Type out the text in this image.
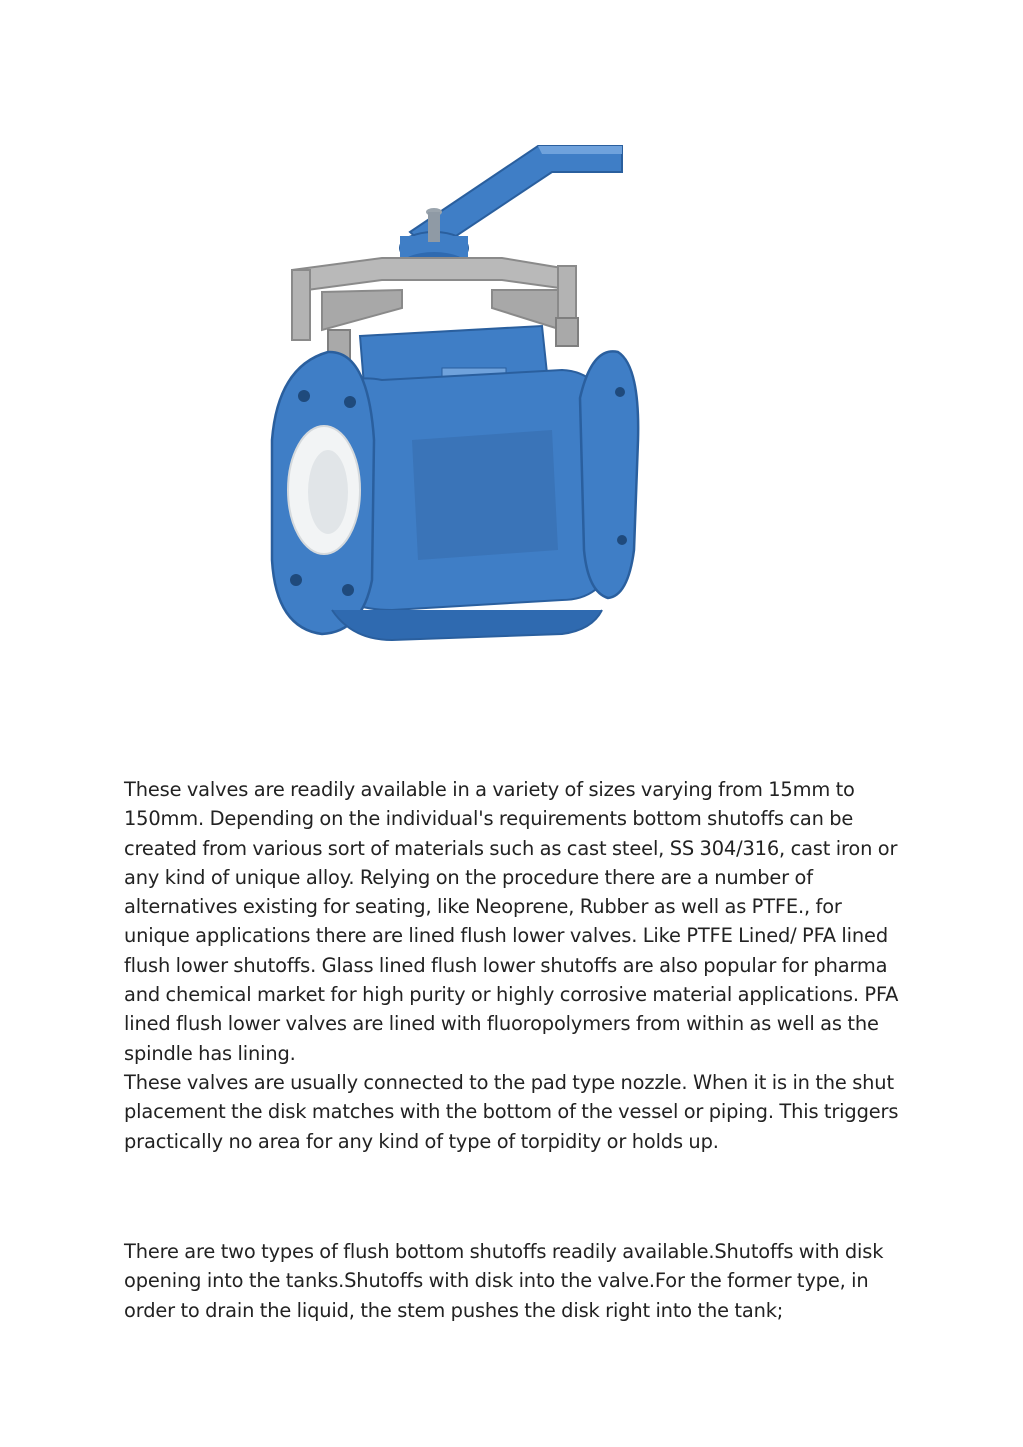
These valves are readily available in a variety of sizes varying from 15mm to 150mm. Depending on the individual's requirements bottom shutoffs can be created from various sort of materials such as cast steel, SS 304/316, cast iron or any kind of unique alloy. Relying on the procedure there are a number of alternatives existing for seating, like Neoprene, Rubber as well as PTFE., for unique applications there are lined flush lower valves. Like PTFE Lined/ PFA lined flush lower shutoffs. Glass lined flush lower shutoffs are also popular for pharma and chemical market for high purity or highly corrosive material applications. PFA lined flush lower valves are lined with fluoropolymers from within as well as the spindle has lining.

These valves are usually connected to the pad type nozzle. When it is in the shut placement the disk matches with the bottom of the vessel or piping. This triggers practically no area for any kind of type of torpidity or holds up.

There are two types of flush bottom shutoffs readily available.Shutoffs with disk opening into the tanks.Shutoffs with disk into the valve.For the former type, in order to drain the liquid, the stem pushes the disk right into the tank;
